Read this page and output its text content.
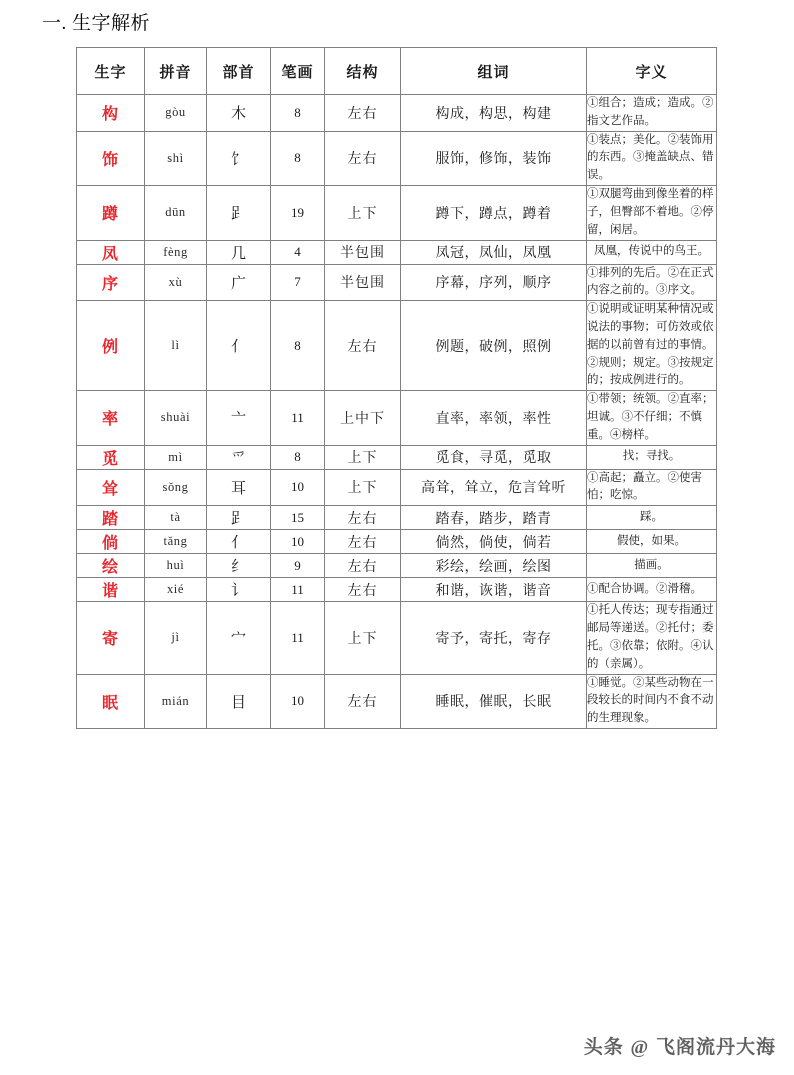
一. 生字解析
生字	拼音	部首	笔画	结构	组词	字义
构	gòu	木	8	左右	构成，构思，构建	①组合；造成；造成。②指文艺作品。
饰	shì	饣	8	左右	服饰，修饰，装饰	①装点；美化。②装饰用的东西。③掩盖缺点、错误。
蹲	dūn	𧾷	19	上下	蹲下，蹲点，蹲着	①双腿弯曲到像坐着的样子，但臀部不着地。②停留，闲居。
凤	fèng	几	4	半包围	凤冠，凤仙，凤凰	凤凰，传说中的鸟王。
序	xù	广	7	半包围	序幕，序列，顺序	①排列的先后。②在正式内容之前的。③序文。
例	lì	亻	8	左右	例题，破例，照例	①说明或证明某种情况或说法的事物；可仿效或依据的以前曾有过的事情。②规则；规定。③按规定的；按成例进行的。
率	shuài	亠	11	上中下	直率，率领，率性	①带领；统领。②直率；坦诚。③不仔细；不慎重。④榜样。
觅	mì	爫	8	上下	觅食，寻觅，觅取	找；寻找。
耸	sǒng	耳	10	上下	高耸，耸立，危言耸听	①高起；矗立。②使害怕；吃惊。
踏	tà	𧾷	15	左右	踏春，踏步，踏青	踩。
倘	tǎng	亻	10	左右	倘然，倘使，倘若	假使，如果。
绘	huì	纟	9	左右	彩绘，绘画，绘图	描画。
谐	xié	讠	11	左右	和谐，诙谐，谐音	①配合协调。②滑稽。
寄	jì	宀	11	上下	寄予，寄托，寄存	①托人传达；现专指通过邮局等递送。②托付；委托。③依靠；依附。④认的（亲属）。
眠	mián	目	10	左右	睡眠，催眠，长眠	①睡觉。②某些动物在一段较长的时间内不食不动的生理现象。
头条 @ 飞阁流丹大海
